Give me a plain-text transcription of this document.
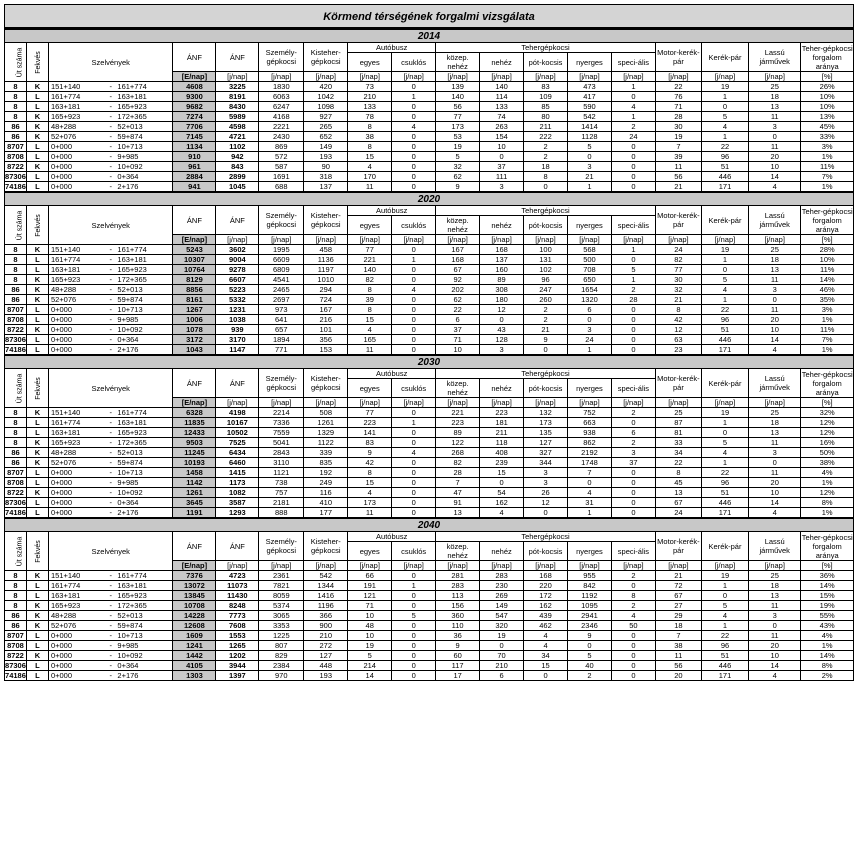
Körmend térségének forgalmi vizsgálata
2014																			
Út száma	Fekvés	Szelvények			ÁNF	ÁNF	Személy-gépkocsi	Kisteher-gépkocsi	Autóbusz		Tehergépkocsi					Motor-kerék-pár	Kerék-pár	Lassú járművek	Teher-gépkocsi forgalom aránya
									egyes	csuklós	közep. nehéz	nehéz	pót-kocsis	nyerges	speci-ális				
					[E/nap]	[j/nap]	[j/nap]	[j/nap]	[j/nap]	[j/nap]	[j/nap]	[j/nap]	[j/nap]	[j/nap]	[j/nap]	[j/nap]	[j/nap]	[j/nap]	[%]
8	K	151+140	-	161+774	4608	3225	1830	420	73	0	139	140	83	473	1	22	19	25	26%
8	L	161+774	-	163+181	9300	8191	6063	1042	210	1	140	114	109	417	0	76	1	18	10%
8	L	163+181	-	165+923	9682	8430	6247	1098	133	0	56	133	85	590	4	71	0	13	10%
8	K	165+923	-	172+365	7274	5989	4168	927	78	0	77	74	80	542	1	28	5	11	13%
86	K	48+288	-	52+013	7706	4598	2221	265	8	4	173	263	211	1414	2	30	4	3	45%
86	K	52+076	-	59+874	7145	4721	2430	652	38	0	53	154	222	1128	24	19	1	0	33%
8707	L	0+000	-	10+713	1134	1102	869	149	8	0	19	10	2	5	0	7	22	11	3%
8708	L	0+000	-	9+985	910	942	572	193	15	0	5	0	2	0	0	39	96	20	1%
8722	K	0+000	-	10+092	961	843	587	90	4	0	32	37	18	3	0	11	51	10	11%
87306	L	0+000	-	0+364	2884	2899	1691	318	170	0	62	111	8	21	0	56	446	14	7%
74186	L	0+000	-	2+176	941	1045	688	137	11	0	9	3	0	1	0	21	171	4	1%
2020																			
Út száma	Fekvés	Szelvények			ÁNF	ÁNF	Személy-gépkocsi	Kisteher-gépkocsi	Autóbusz		Tehergépkocsi					Motor-kerék-pár	Kerék-pár	Lassú járművek	Teher-gépkocsi forgalom aránya
									egyes	csuklós	közep. nehéz	nehéz	pót-kocsis	nyerges	speci-ális				
					[E/nap]	[j/nap]	[j/nap]	[j/nap]	[j/nap]	[j/nap]	[j/nap]	[j/nap]	[j/nap]	[j/nap]	[j/nap]	[j/nap]	[j/nap]	[j/nap]	[%]
8	K	151+140	-	161+774	5243	3602	1995	458	77	0	167	168	100	568	1	24	19	25	28%
8	L	161+774	-	163+181	10307	9004	6609	1136	221	1	168	137	131	500	0	82	1	18	10%
8	L	163+181	-	165+923	10764	9278	6809	1197	140	0	67	160	102	708	5	77	0	13	11%
8	K	165+923	-	172+365	8129	6607	4541	1010	82	0	92	89	96	650	1	30	5	11	14%
86	K	48+288	-	52+013	8856	5223	2465	294	8	4	202	308	247	1654	2	32	4	3	46%
86	K	52+076	-	59+874	8161	5332	2697	724	39	0	62	180	260	1320	28	21	1	0	35%
8707	L	0+000	-	10+713	1267	1231	973	167	8	0	22	12	2	6	0	8	22	11	3%
8708	L	0+000	-	9+985	1006	1038	641	216	15	0	6	0	2	0	0	42	96	20	1%
8722	K	0+000	-	10+092	1078	939	657	101	4	0	37	43	21	3	0	12	51	10	11%
87306	L	0+000	-	0+364	3172	3170	1894	356	165	0	71	128	9	24	0	63	446	14	7%
74186	L	0+000	-	2+176	1043	1147	771	153	11	0	10	3	0	1	0	23	171	4	1%
2030																			
Út száma	Fekvés	Szelvények			ÁNF	ÁNF	Személy-gépkocsi	Kisteher-gépkocsi	Autóbusz		Tehergépkocsi					Motor-kerék-pár	Kerék-pár	Lassú járművek	Teher-gépkocsi forgalom aránya
									egyes	csuklós	közep. nehéz	nehéz	pót-kocsis	nyerges	speci-ális				
					[E/nap]	[j/nap]	[j/nap]	[j/nap]	[j/nap]	[j/nap]	[j/nap]	[j/nap]	[j/nap]	[j/nap]	[j/nap]	[j/nap]	[j/nap]	[j/nap]	[%]
8	K	151+140	-	161+774	6328	4198	2214	508	77	0	221	223	132	752	2	25	19	25	32%
8	L	161+774	-	163+181	11835	10167	7336	1261	223	1	223	181	173	663	0	87	1	18	12%
8	L	163+181	-	165+923	12433	10502	7559	1329	141	0	89	211	135	938	6	81	0	13	12%
8	K	165+923	-	172+365	9503	7525	5041	1122	83	0	122	118	127	862	2	33	5	11	16%
86	K	48+288	-	52+013	11245	6434	2843	339	9	4	268	408	327	2192	3	34	4	3	50%
86	K	52+076	-	59+874	10193	6460	3110	835	42	0	82	239	344	1748	37	22	1	0	38%
8707	L	0+000	-	10+713	1458	1415	1121	192	8	0	28	15	3	7	0	8	22	11	4%
8708	L	0+000	-	9+985	1142	1173	738	249	15	0	7	0	3	0	0	45	96	20	1%
8722	K	0+000	-	10+092	1261	1082	757	116	4	0	47	54	26	4	0	13	51	10	12%
87306	L	0+000	-	0+364	3645	3587	2181	410	173	0	91	162	12	31	0	67	446	14	8%
74186	L	0+000	-	2+176	1191	1293	888	177	11	0	13	4	0	1	0	24	171	4	1%
2040																			
Út száma	Fekvés	Szelvények			ÁNF	ÁNF	Személy-gépkocsi	Kisteher-gépkocsi	Autóbusz		Tehergépkocsi					Motor-kerék-pár	Kerék-pár	Lassú járművek	Teher-gépkocsi forgalom aránya
									egyes	csuklós	közep. nehéz	nehéz	pót-kocsis	nyerges	speci-ális				
					[E/nap]	[j/nap]	[j/nap]	[j/nap]	[j/nap]	[j/nap]	[j/nap]	[j/nap]	[j/nap]	[j/nap]	[j/nap]	[j/nap]	[j/nap]	[j/nap]	[%]
8	K	151+140	-	161+774	7376	4723	2361	542	66	0	281	283	168	955	2	21	19	25	36%
8	L	161+774	-	163+181	13072	11073	7821	1344	191	1	283	230	220	842	0	72	1	18	14%
8	L	163+181	-	165+923	13845	11430	8059	1416	121	0	113	269	172	1192	8	67	0	13	15%
8	K	165+923	-	172+365	10708	8248	5374	1196	71	0	156	149	162	1095	2	27	5	11	19%
86	K	48+288	-	52+013	14228	7773	3065	366	10	5	360	547	439	2941	4	29	4	3	55%
86	K	52+076	-	59+874	12608	7608	3353	900	48	0	110	320	462	2346	50	18	1	0	43%
8707	L	0+000	-	10+713	1609	1553	1225	210	10	0	36	19	4	9	0	7	22	11	4%
8708	L	0+000	-	9+985	1241	1265	807	272	19	0	9	0	4	0	0	38	96	20	1%
8722	K	0+000	-	10+092	1442	1202	829	127	5	0	60	70	34	5	0	11	51	10	14%
87306	L	0+000	-	0+364	4105	3944	2384	448	214	0	117	210	15	40	0	56	446	14	8%
74186	L	0+000	-	2+176	1303	1397	970	193	14	0	17	6	0	2	0	20	171	4	2%
